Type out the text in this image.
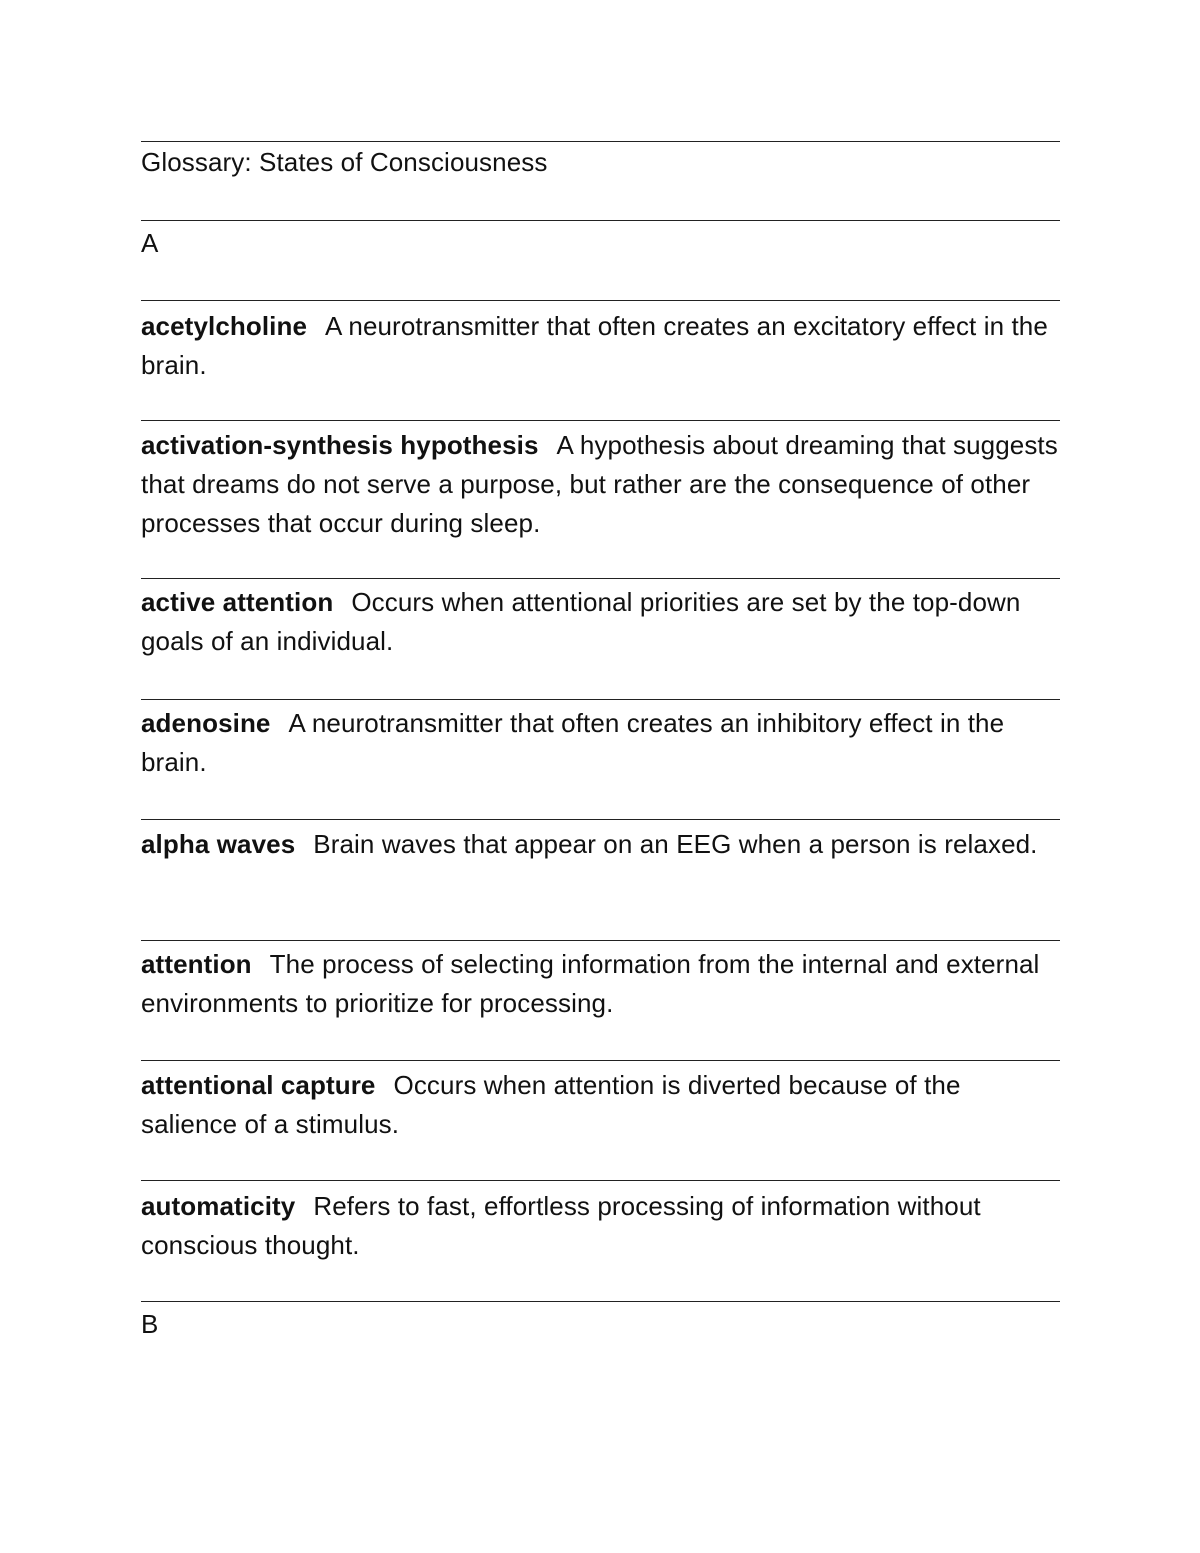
Glossary: States of Consciousness
A
acetylcholine A neurotransmitter that often creates an excitatory effect in the brain.
activation-synthesis hypothesis A hypothesis about dreaming that suggests that dreams do not serve a purpose, but rather are the consequence of other processes that occur during sleep.
active attention Occurs when attentional priorities are set by the top-down goals of an individual.
adenosine A neurotransmitter that often creates an inhibitory effect in the brain.
alpha waves Brain waves that appear on an EEG when a person is relaxed.
attention The process of selecting information from the internal and external environments to prioritize for processing.
attentional capture Occurs when attention is diverted because of the salience of a stimulus.
automaticity Refers to fast, effortless processing of information without conscious thought.
B
